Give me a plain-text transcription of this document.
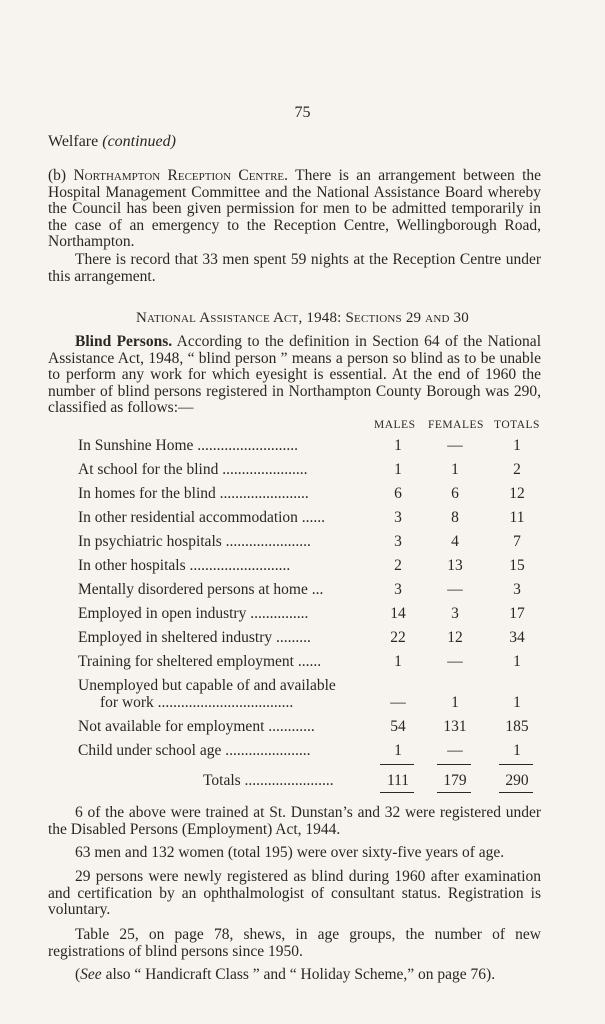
75
Welfare (continued)
(b) Northampton Reception Centre. There is an arrangement between the Hospital Management Committee and the National Assistance Board whereby the Council has been given permission for men to be admitted temporarily in the case of an emergency to the Reception Centre, Wellingborough Road, Northampton.
There is record that 33 men spent 59 nights at the Reception Centre under this arrangement.
National Assistance Act, 1948: Sections 29 and 30
Blind Persons. According to the definition in Section 64 of the National Assistance Act, 1948, “ blind person ” means a person so blind as to be unable to perform any work for which eyesight is essential. At the end of 1960 the number of blind persons registered in Northampton County Borough was 290, classified as follows:—
MALES FEMALES TOTALS
In Sunshine Home ..........................	1	—	1
At school for the blind ......................	1	1	2
In homes for the blind .......................	6	6	12
In other residential accommodation ......	3	8	11
In psychiatric hospitals ......................	3	4	7
In other hospitals ..........................	2	13	15
Mentally disordered persons at home ...	3	—	3
Employed in open industry ...............	14	3	17
Employed in sheltered industry .........	22	12	34
Training for sheltered employment ......	1	—	1
Unemployed but capable of and available
for work ...................................	—	1	1
Not available for employment ............	54	131	185
Child under school age ......................	1	—	1
Totals .......................	111	179	290
6 of the above were trained at St. Dunstan’s and 32 were registered under the Disabled Persons (Employment) Act, 1944.
63 men and 132 women (total 195) were over sixty-five years of age.
29 persons were newly registered as blind during 1960 after examination and certification by an ophthalmologist of consultant status. Registration is voluntary.
Table 25, on page 78, shews, in age groups, the number of new registrations of blind persons since 1950.
(See also “ Handicraft Class ” and “ Holiday Scheme,” on page 76).
